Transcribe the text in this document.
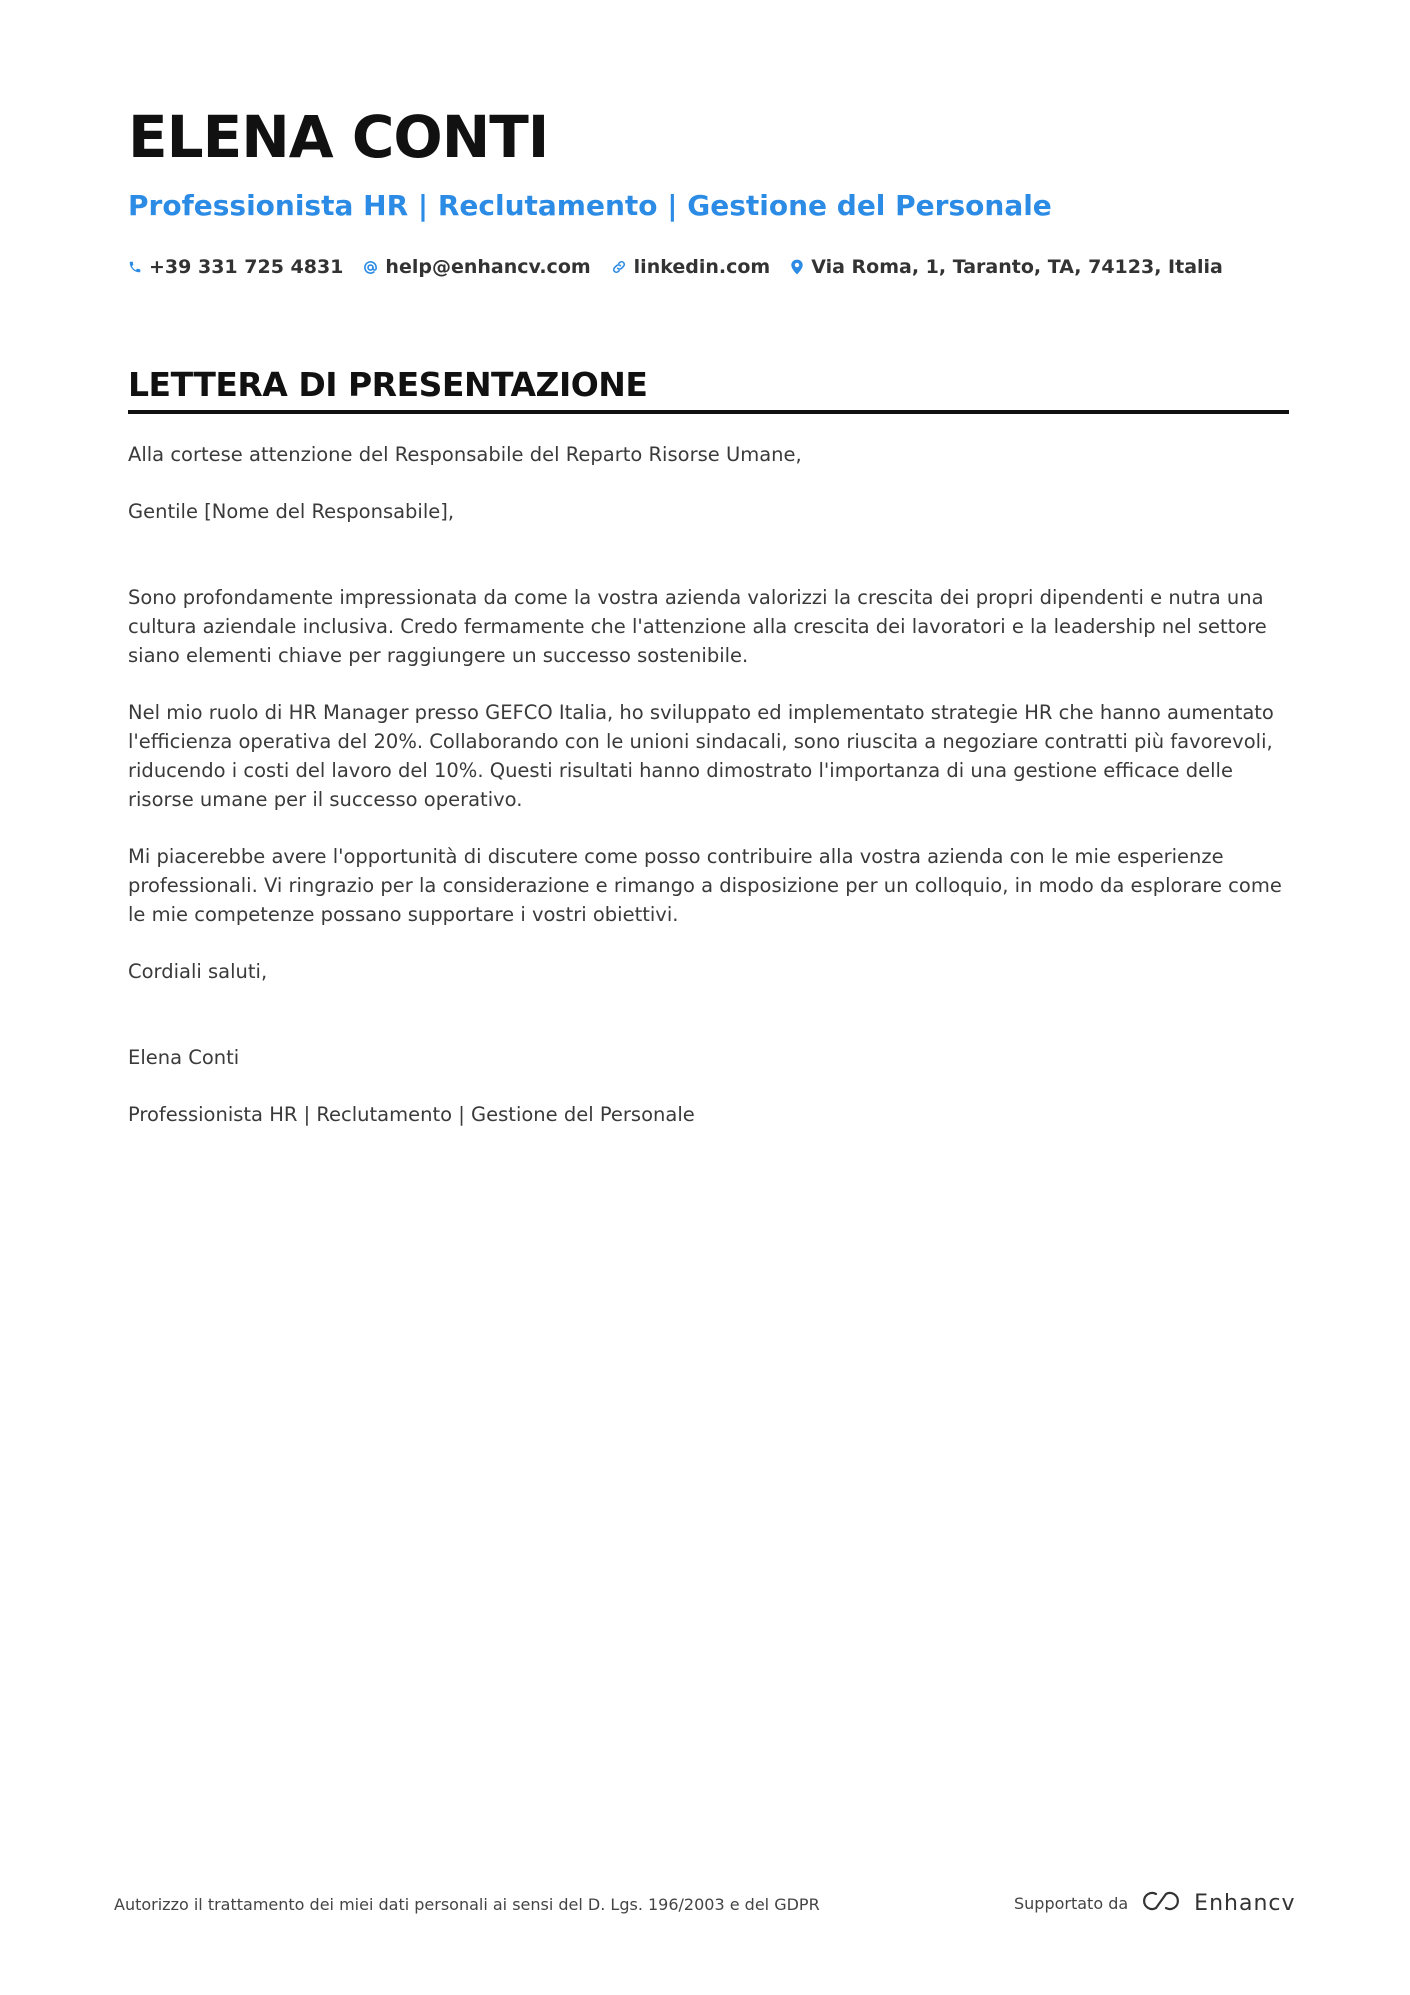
ELENA CONTI
Professionista HR | Reclutamento | Gestione del Personale
+39 331 725 4831 help@enhancv.com linkedin.com Via Roma, 1, Taranto, TA, 74123, Italia
LETTERA DI PRESENTAZIONE

Alla cortese attenzione del Responsabile del Reparto Risorse Umane,

Gentile [Nome del Responsabile],

Sono profondamente impressionata da come la vostra azienda valorizzi la crescita dei propri dipendenti e nutra una cultura aziendale inclusiva. Credo fermamente che l'attenzione alla crescita dei lavoratori e la leadership nel settore siano elementi chiave per raggiungere un successo sostenibile.

Nel mio ruolo di HR Manager presso GEFCO Italia, ho sviluppato ed implementato strategie HR che hanno aumentato l'efficienza operativa del 20%. Collaborando con le unioni sindacali, sono riuscita a negoziare contratti più favorevoli, riducendo i costi del lavoro del 10%. Questi risultati hanno dimostrato l'importanza di una gestione efficace delle risorse umane per il successo operativo.

Mi piacerebbe avere l'opportunità di discutere come posso contribuire alla vostra azienda con le mie esperienze professionali. Vi ringrazio per la considerazione e rimango a disposizione per un colloquio, in modo da esplorare come le mie competenze possano supportare i vostri obiettivi.

Cordiali saluti,

Elena Conti

Professionista HR | Reclutamento | Gestione del Personale

Autorizzo il trattamento dei miei dati personali ai sensi del D. Lgs. 196/2003 e del GDPR	Supportato da	Enhancv
